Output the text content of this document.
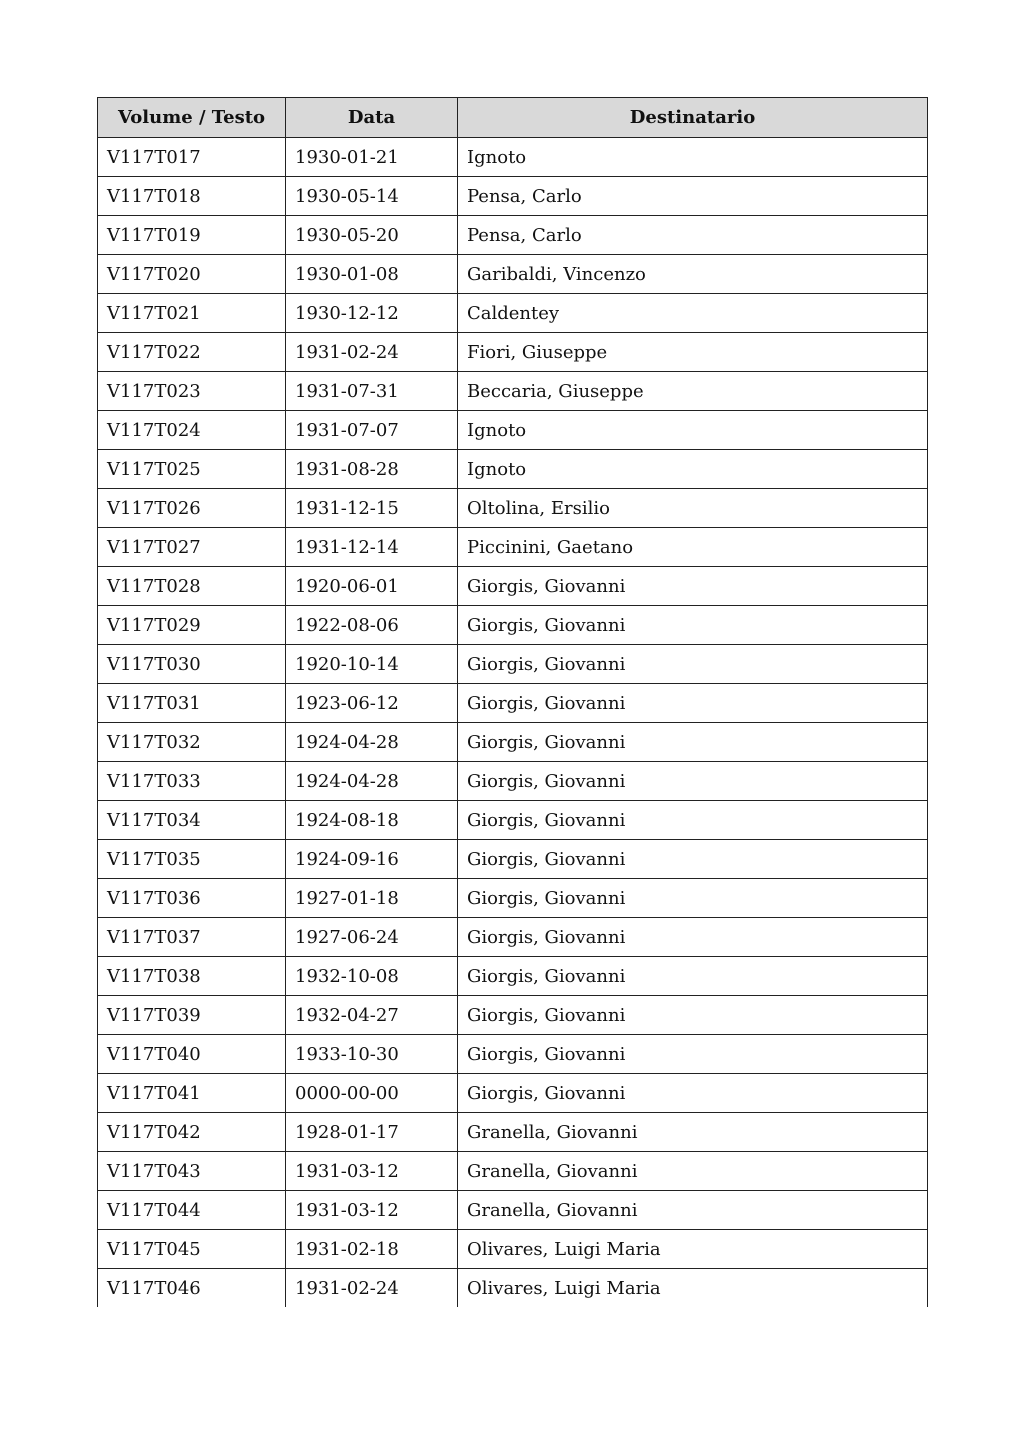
Volume / Testo	Data	Destinatario
V117T017	1930-01-21	Ignoto
V117T018	1930-05-14	Pensa, Carlo
V117T019	1930-05-20	Pensa, Carlo
V117T020	1930-01-08	Garibaldi, Vincenzo
V117T021	1930-12-12	Caldentey
V117T022	1931-02-24	Fiori, Giuseppe
V117T023	1931-07-31	Beccaria, Giuseppe
V117T024	1931-07-07	Ignoto
V117T025	1931-08-28	Ignoto
V117T026	1931-12-15	Oltolina, Ersilio
V117T027	1931-12-14	Piccinini, Gaetano
V117T028	1920-06-01	Giorgis, Giovanni
V117T029	1922-08-06	Giorgis, Giovanni
V117T030	1920-10-14	Giorgis, Giovanni
V117T031	1923-06-12	Giorgis, Giovanni
V117T032	1924-04-28	Giorgis, Giovanni
V117T033	1924-04-28	Giorgis, Giovanni
V117T034	1924-08-18	Giorgis, Giovanni
V117T035	1924-09-16	Giorgis, Giovanni
V117T036	1927-01-18	Giorgis, Giovanni
V117T037	1927-06-24	Giorgis, Giovanni
V117T038	1932-10-08	Giorgis, Giovanni
V117T039	1932-04-27	Giorgis, Giovanni
V117T040	1933-10-30	Giorgis, Giovanni
V117T041	0000-00-00	Giorgis, Giovanni
V117T042	1928-01-17	Granella, Giovanni
V117T043	1931-03-12	Granella, Giovanni
V117T044	1931-03-12	Granella, Giovanni
V117T045	1931-02-18	Olivares, Luigi Maria
V117T046	1931-02-24	Olivares, Luigi Maria
